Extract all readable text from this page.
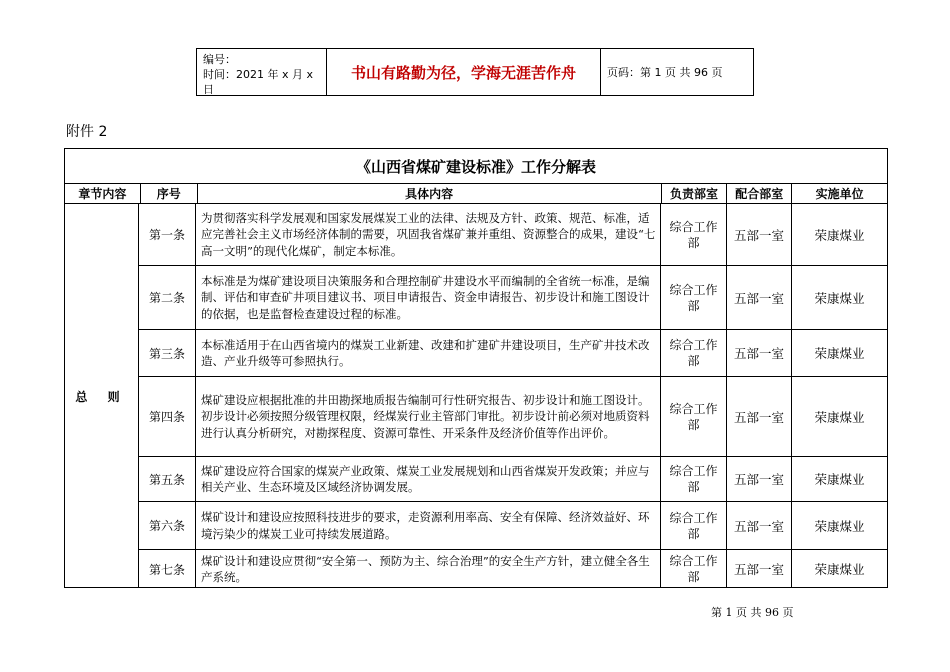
编号：
时间：2021 年 x 月 x 日
书山有路勤为径，学海无涯苦作舟	页码：第 1 页 共 96 页
附件 2
《山西省煤矿建设标准》工作分解表
章节内容	序号	具体内容	负责部室	配合部室	实施单位
总 则
第一条
为贯彻落实科学发展观和国家发展煤炭工业的法律、法规及方针、政策、规范、标准，适应完善社会主义市场经济体制的需要，巩固我省煤矿兼并重组、资源整合的成果，建设“七高一文明”的现代化煤矿，制定本标准。
综合工作部	五部一室	荣康煤业
第二条
本标准是为煤矿建设项目决策服务和合理控制矿井建设水平而编制的全省统一标准，是编制、评估和审查矿井项目建议书、项目申请报告、资金申请报告、初步设计和施工图设计的依据，也是监督检查建设过程的标准。
综合工作部	五部一室	荣康煤业
第三条
本标准适用于在山西省境内的煤炭工业新建、改建和扩建矿井建设项目，生产矿井技术改造、产业升级等可参照执行。
综合工作部	五部一室	荣康煤业
第四条
煤矿建设应根据批准的井田勘探地质报告编制可行性研究报告、初步设计和施工图设计。初步设计必须按照分级管理权限，经煤炭行业主管部门审批。初步设计前必须对地质资料进行认真分析研究，对勘探程度、资源可靠性、开采条件及经济价值等作出评价。
综合工作部	五部一室	荣康煤业
第五条
煤矿建设应符合国家的煤炭产业政策、煤炭工业发展规划和山西省煤炭开发政策；并应与相关产业、生态环境及区域经济协调发展。
综合工作部	五部一室	荣康煤业
第六条
煤矿设计和建设应按照科技进步的要求，走资源利用率高、安全有保障、经济效益好、环境污染少的煤炭工业可持续发展道路。
综合工作部	五部一室	荣康煤业
第七条
煤矿设计和建设应贯彻“安全第一、预防为主、综合治理”的安全生产方针，建立健全各生产系统。
综合工作部	五部一室	荣康煤业
第 1 页 共 96 页
